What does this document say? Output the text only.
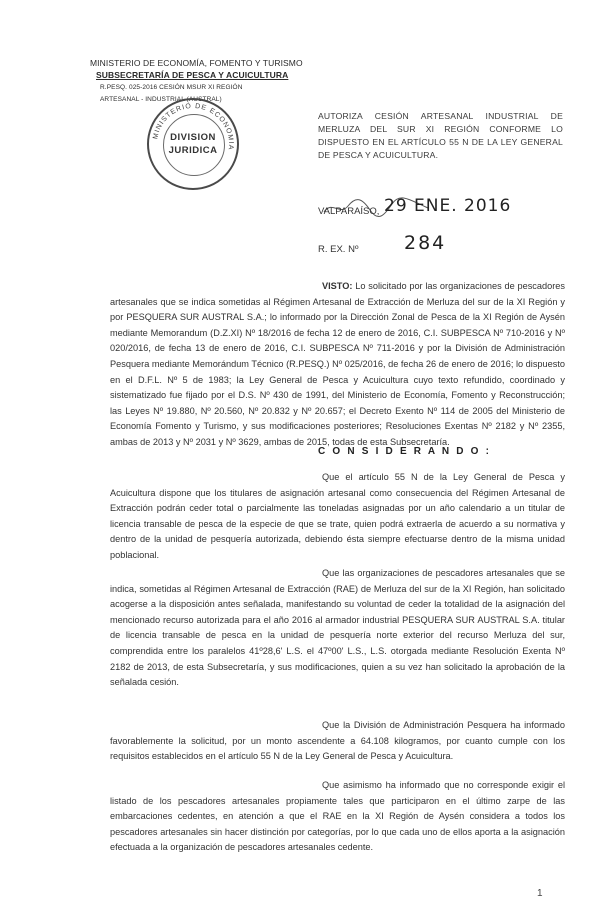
MINISTERIO DE ECONOMÍA, FOMENTO Y TURISMO
SUBSECRETARÍA DE PESCA Y ACUICULTURA
R.PESQ. 025-2016 CESIÓN MSUR XI REGIÓN
ARTESANAL - INDUSTRIAL (AUSTRAL)
MINISTERIO DE ECONOMIA
DIVISION
JURIDICA
AUTORIZA CESIÓN ARTESANAL INDUSTRIAL DE MERLUZA DEL SUR XI REGIÓN CONFORME LO DISPUESTO EN EL ARTÍCULO 55 N DE LA LEY GENERAL DE PESCA Y ACUICULTURA.
VALPARAÍSO, 29 ENE. 2016
R. EX. Nº 284
VISTO: Lo solicitado por las organizaciones de pescadores artesanales que se indica sometidas al Régimen Artesanal de Extracción de Merluza del sur de la XI Región y por PESQUERA SUR AUSTRAL S.A.; lo informado por la Dirección Zonal de Pesca de la XI Región de Aysén mediante Memorandum (D.Z.XI) Nº 18/2016 de fecha 12 de enero de 2016, C.I. SUBPESCA Nº 710-2016 y Nº 020/2016, de fecha 13 de enero de 2016, C.I. SUBPESCA Nº 711-2016 y por la División de Administración Pesquera mediante Memorándum Técnico (R.PESQ.) Nº 025/2016, de fecha 26 de enero de 2016; lo dispuesto en el D.F.L. Nº 5 de 1983; la Ley General de Pesca y Acuicultura cuyo texto refundido, coordinado y sistematizado fue fijado por el D.S. Nº 430 de 1991, del Ministerio de Economía, Fomento y Reconstrucción; las Leyes Nº 19.880, Nº 20.560, Nº 20.832 y Nº 20.657; el Decreto Exento Nº 114 de 2005 del Ministerio de Economía Fomento y Turismo, y sus modificaciones posteriores; Resoluciones Exentas Nº 2182 y Nº 2355, ambas de 2013 y Nº 2031 y Nº 3629, ambas de 2015, todas de esta Subsecretaría.
C O N S I D E R A N D O :
Que el artículo 55 N de la Ley General de Pesca y Acuicultura dispone que los titulares de asignación artesanal como consecuencia del Régimen Artesanal de Extracción podrán ceder total o parcialmente las toneladas asignadas por un año calendario a un titular de licencia transable de pesca de la especie de que se trate, quien podrá extraerla de acuerdo a su normativa y dentro de la unidad de pesquería autorizada, debiendo ésta siempre efectuarse dentro de la misma unidad poblacional.
Que las organizaciones de pescadores artesanales que se indica, sometidas al Régimen Artesanal de Extracción (RAE) de Merluza del sur de la XI Región, han solicitado acogerse a la disposición antes señalada, manifestando su voluntad de ceder la totalidad de la asignación del mencionado recurso autorizada para el año 2016 al armador industrial PESQUERA SUR AUSTRAL S.A. titular de licencia transable de pesca en la unidad de pesquería norte exterior del recurso Merluza del sur, comprendida entre los paralelos 41º28,6' L.S. el 47º00' L.S., L.S. otorgada mediante Resolución Exenta Nº 2182 de 2013, de esta Subsecretaría, y sus modificaciones, quien a su vez han solicitado la aprobación de la señalada cesión.
Que la División de Administración Pesquera ha informado favorablemente la solicitud, por un monto ascendente a 64.108 kilogramos, por cuanto cumple con los requisitos establecidos en el artículo 55 N de la Ley General de Pesca y Acuicultura.
Que asimismo ha informado que no corresponde exigir el listado de los pescadores artesanales propiamente tales que participaron en el último zarpe de las embarcaciones cedentes, en atención a que el RAE en la XI Región de Aysén considera a todos los pescadores artesanales sin hacer distinción por categorías, por lo que cada uno de ellos aporta a la asignación efectuada a la organización de pescadores artesanales cedente.
1
